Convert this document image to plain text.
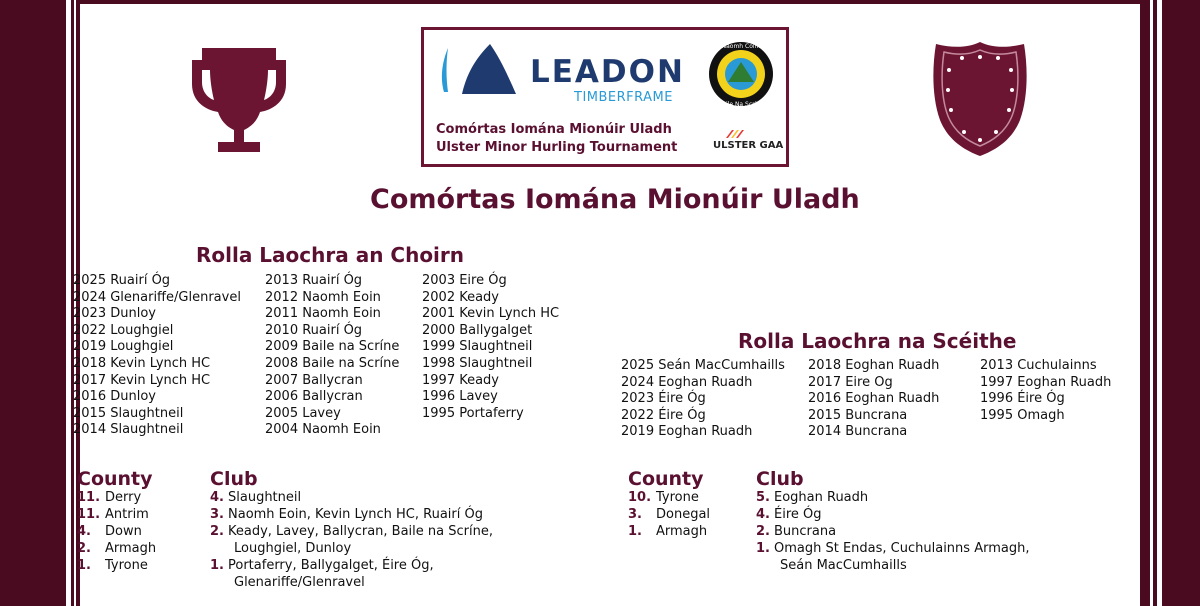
LEADON
TIMBERFRAME
Naomh Colm
Baile Na Scríne
Comórtas Iomána Mionúir Uladh
Ulster Minor Hurling Tournament	ULSTER GAA
Comórtas Iomána Mionúir Uladh
Rolla Laochra an Choirn
2025 Ruairí Óg
2024 Glenariffe/Glenravel
2023 Dunloy
2022 Loughgiel
2019 Loughgiel
2018 Kevin Lynch HC
2017 Kevin Lynch HC
2016 Dunloy
2015 Slaughtneil
2014 Slaughtneil
2013 Ruairí Óg
2012 Naomh Eoin
2011 Naomh Eoin
2010 Ruairí Óg
2009 Baile na Scríne
2008 Baile na Scríne
2007 Ballycran
2006 Ballycran
2005 Lavey
2004 Naomh Eoin
2003 Eire Óg
2002 Keady
2001 Kevin Lynch HC
2000 Ballygalget
1999 Slaughtneil
1998 Slaughtneil
1997 Keady
1996 Lavey
1995 Portaferry
County	Club
11. Derry
11. Antrim
4. Down
2. Armagh
1. Tyrone
4. Slaughtneil
3. Naomh Eoin, Kevin Lynch HC, Ruairí Óg
2. Keady, Lavey, Ballycran, Baile na Scríne,
Loughgiel, Dunloy
1. Portaferry, Ballygalget, Éire Óg,
Glenariffe/Glenravel
Rolla Laochra na Scéithe
2025 Seán MacCumhaills
2024 Eoghan Ruadh
2023 Éire Óg
2022 Éire Óg
2019 Eoghan Ruadh
2018 Eoghan Ruadh
2017 Eire Og
2016 Eoghan Ruadh
2015 Buncrana
2014 Buncrana
2013 Cuchulainns
1997 Eoghan Ruadh
1996 Éire Óg
1995 Omagh
County	Club
10. Tyrone
3. Donegal
1. Armagh
5. Eoghan Ruadh
4. Éire Óg
2. Buncrana
1. Omagh St Endas, Cuchulainns Armagh,
Seán MacCumhaills
